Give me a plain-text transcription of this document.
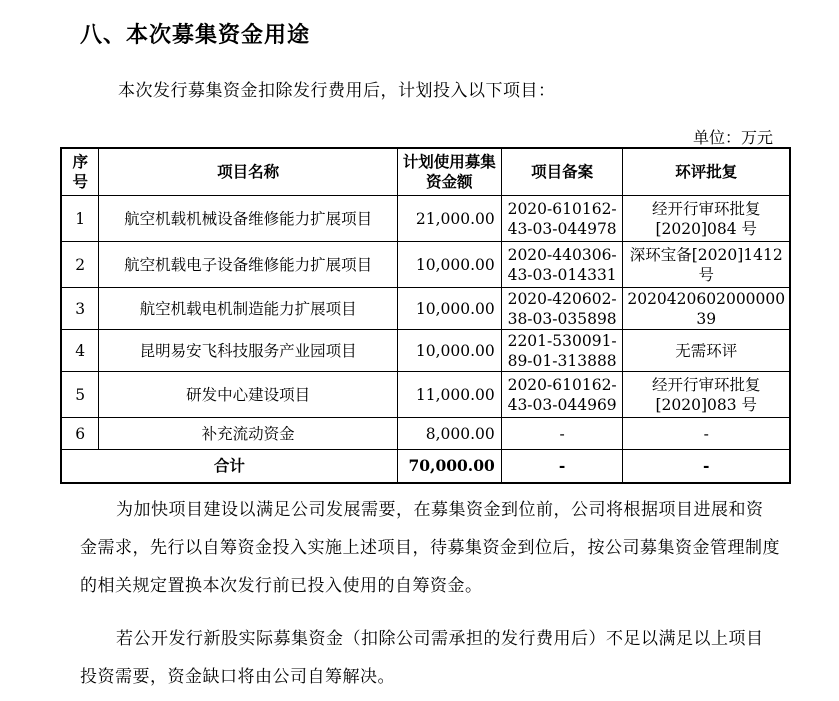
八、本次募集资金用途
本次发行募集资金扣除发行费用后，计划投入以下项目：
单位：万元
序号	项目名称	计划使用募集资金额	项目备案	环评批复
1	航空机载机械设备维修能力扩展项目	21,000.00	2020-610162-43-03-044978	经开行审环批复[2020]084 号
2	航空机载电子设备维修能力扩展项目	10,000.00	2020-440306-43-03-014331	深环宝备[2020]1412 号
3	航空机载电机制造能力扩展项目	10,000.00	2020-420602-38-03-035898	2020420602000000 39
4	昆明易安飞科技服务产业园项目	10,000.00	2201-530091-89-01-313888	无需环评
5	研发中心建设项目	11,000.00	2020-610162-43-03-044969	经开行审环批复[2020]083 号
6	补充流动资金	8,000.00	-	-
合计		70,000.00	-	-
为加快项目建设以满足公司发展需要，在募集资金到位前，公司将根据项目进展和资金需求，先行以自筹资金投入实施上述项目，待募集资金到位后，按公司募集资金管理制度的相关规定置换本次发行前已投入使用的自筹资金。
若公开发行新股实际募集资金（扣除公司需承担的发行费用后）不足以满足以上项目投资需要，资金缺口将由公司自筹解决。
